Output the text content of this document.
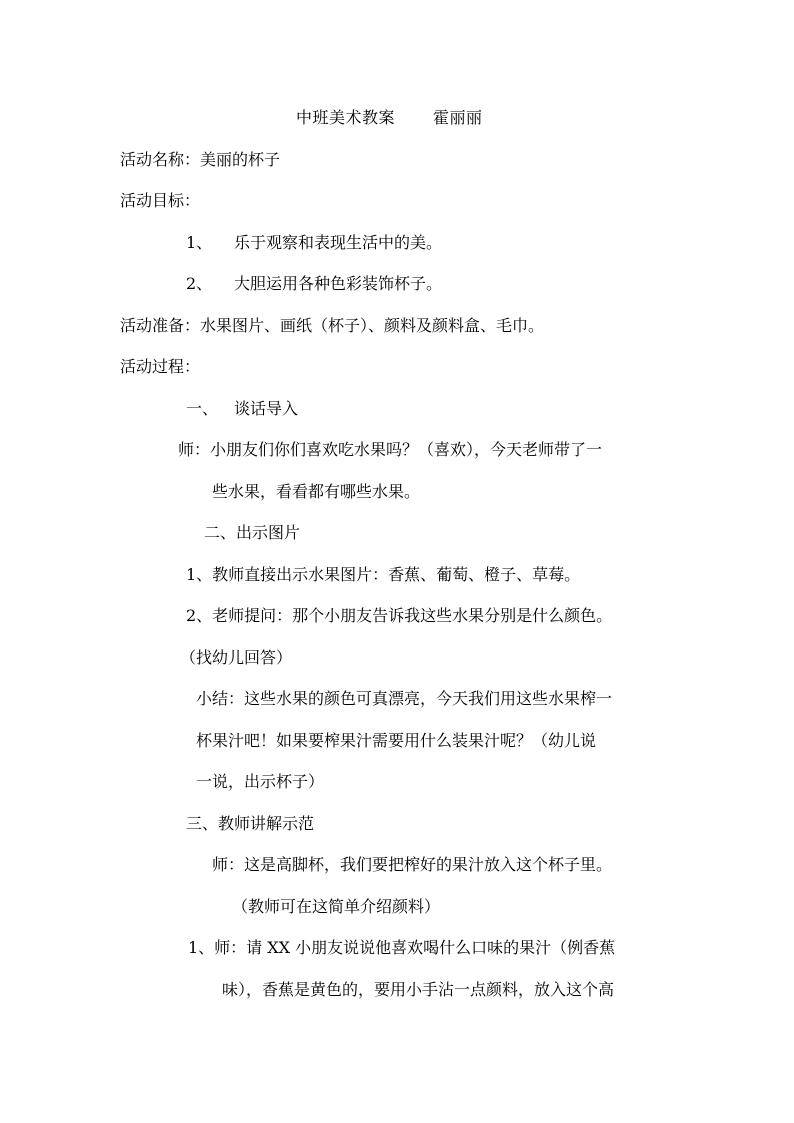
中班美术教案 霍丽丽
活动名称：美丽的杯子
活动目标：
1、 乐于观察和表现生活中的美。
2、 大胆运用各种色彩装饰杯子。
活动准备：水果图片、画纸（杯子）、颜料及颜料盒、毛巾。
活动过程：
一、 谈话导入
师：小朋友们你们喜欢吃水果吗？（喜欢），今天老师带了一
些水果，看看都有哪些水果。
二、出示图片
1、教师直接出示水果图片：香蕉、葡萄、橙子、草莓。
2、老师提问：那个小朋友告诉我这些水果分别是什么颜色。
（找幼儿回答）
小结：这些水果的颜色可真漂亮，今天我们用这些水果榨一
杯果汁吧！如果要榨果汁需要用什么装果汁呢？（幼儿说
一说，出示杯子）
三、教师讲解示范
师：这是高脚杯，我们要把榨好的果汁放入这个杯子里。
（教师可在这简单介绍颜料）
1、师：请 XX 小朋友说说他喜欢喝什么口味的果汁（例香蕉
味），香蕉是黄色的，要用小手沾一点颜料，放入这个高
